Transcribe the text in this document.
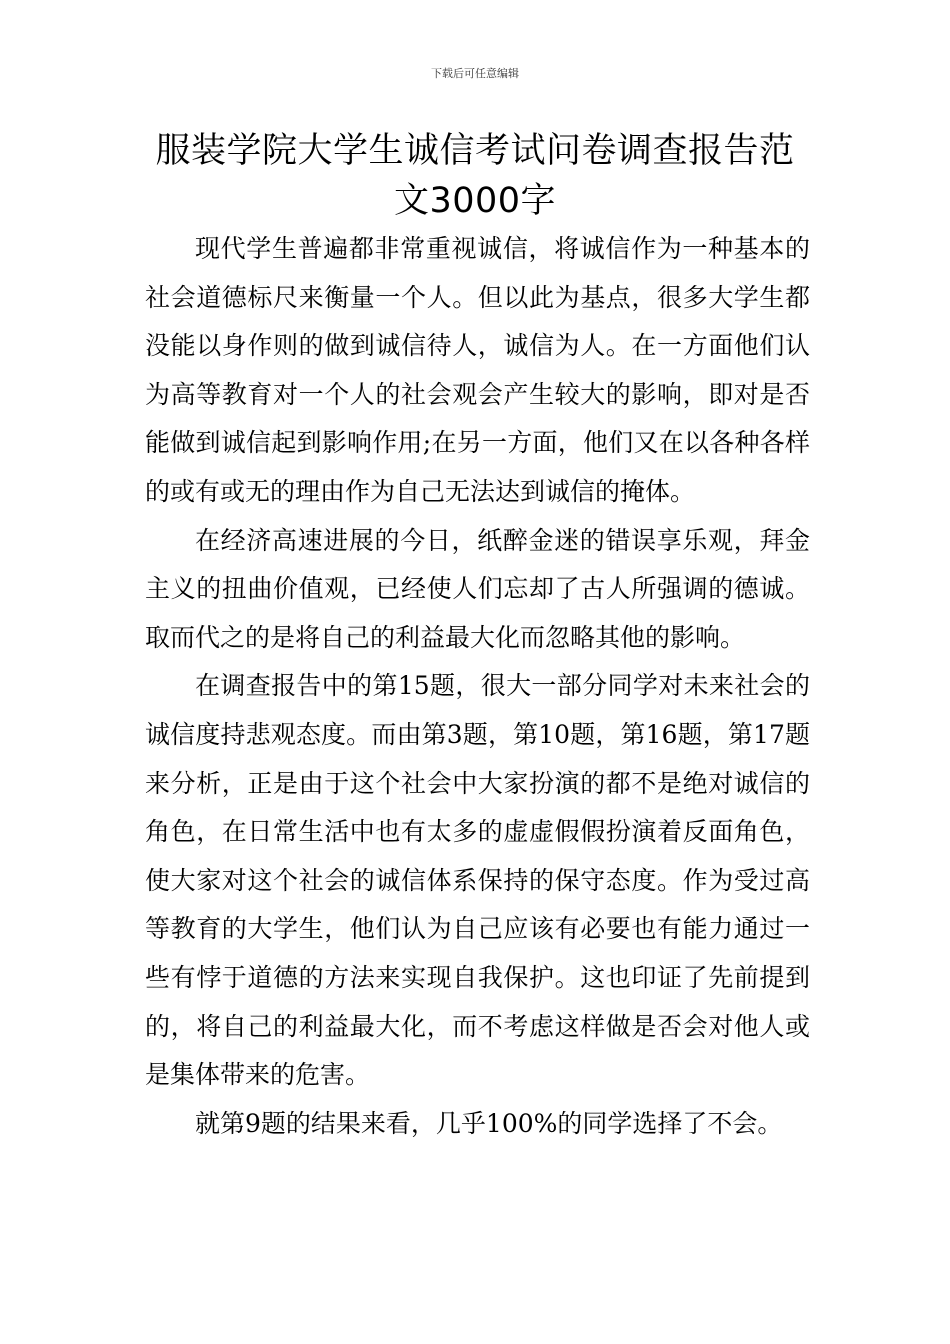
下载后可任意编辑
服装学院大学生诚信考试问卷调查报告范文3000字

现代学生普遍都非常重视诚信，将诚信作为一种基本的社会道德标尺来衡量一个人。但以此为基点，很多大学生都没能以身作则的做到诚信待人，诚信为人。在一方面他们认为高等教育对一个人的社会观会产生较大的影响，即对是否能做到诚信起到影响作用;在另一方面，他们又在以各种各样的或有或无的理由作为自己无法达到诚信的掩体。

在经济高速进展的今日，纸醉金迷的错误享乐观，拜金主义的扭曲价值观，已经使人们忘却了古人所强调的德诚。取而代之的是将自己的利益最大化而忽略其他的影响。

在调查报告中的第15题，很大一部分同学对未来社会的诚信度持悲观态度。而由第3题，第10题，第16题，第17题来分析，正是由于这个社会中大家扮演的都不是绝对诚信的角色，在日常生活中也有太多的虚虚假假扮演着反面角色，使大家对这个社会的诚信体系保持的保守态度。作为受过高等教育的大学生，他们认为自己应该有必要也有能力通过一些有悖于道德的方法来实现自我保护。这也印证了先前提到的，将自己的利益最大化，而不考虑这样做是否会对他人或是集体带来的危害。

就第9题的结果来看，几乎100%的同学选择了不会。
